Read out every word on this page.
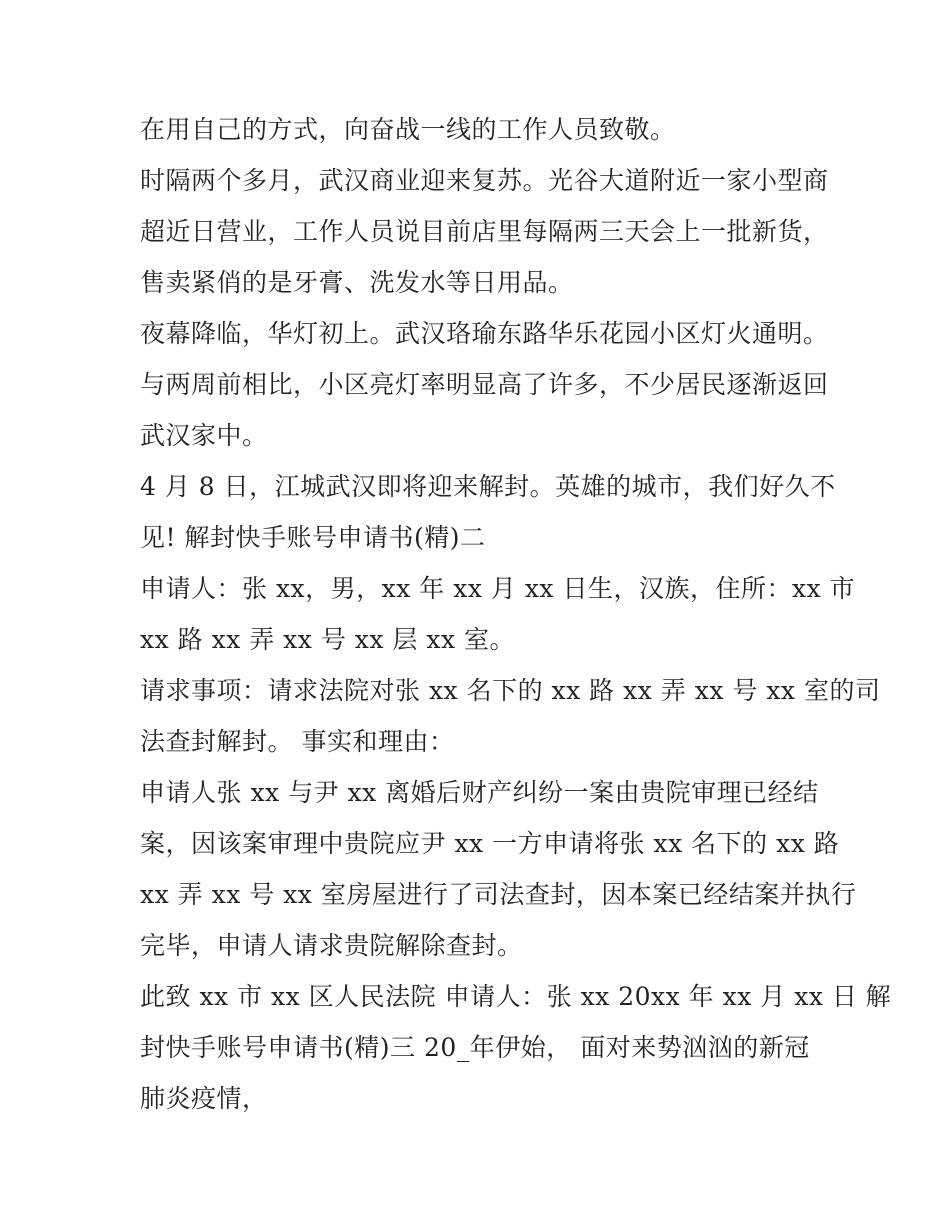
在用自己的方式，向奋战一线的工作人员致敬。
时隔两个多月，武汉商业迎来复苏。光谷大道附近一家小型商
超近日营业，工作人员说目前店里每隔两三天会上一批新货，
售卖紧俏的是牙膏、洗发水等日用品。
夜幕降临，华灯初上。武汉珞瑜东路华乐花园小区灯火通明。
与两周前相比，小区亮灯率明显高了许多，不少居民逐渐返回
武汉家中。
4 月 8 日，江城武汉即将迎来解封。英雄的城市，我们好久不
见! 解封快手账号申请书(精)二
申请人：张 xx，男，xx 年 xx 月 xx 日生，汉族，住所：xx 市
xx 路 xx 弄 xx 号 xx 层 xx 室。
请求事项：请求法院对张 xx 名下的 xx 路 xx 弄 xx 号 xx 室的司
法查封解封。 事实和理由：
申请人张 xx 与尹 xx 离婚后财产纠纷一案由贵院审理已经结
案，因该案审理中贵院应尹 xx 一方申请将张 xx 名下的 xx 路
xx 弄 xx 号 xx 室房屋进行了司法查封，因本案已经结案并执行
完毕，申请人请求贵院解除查封。
此致 xx 市 xx 区人民法院 申请人：张 xx 20xx 年 xx 月 xx 日 解
封快手账号申请书(精)三 20_年伊始， 面对来势汹汹的新冠
肺炎疫情，
